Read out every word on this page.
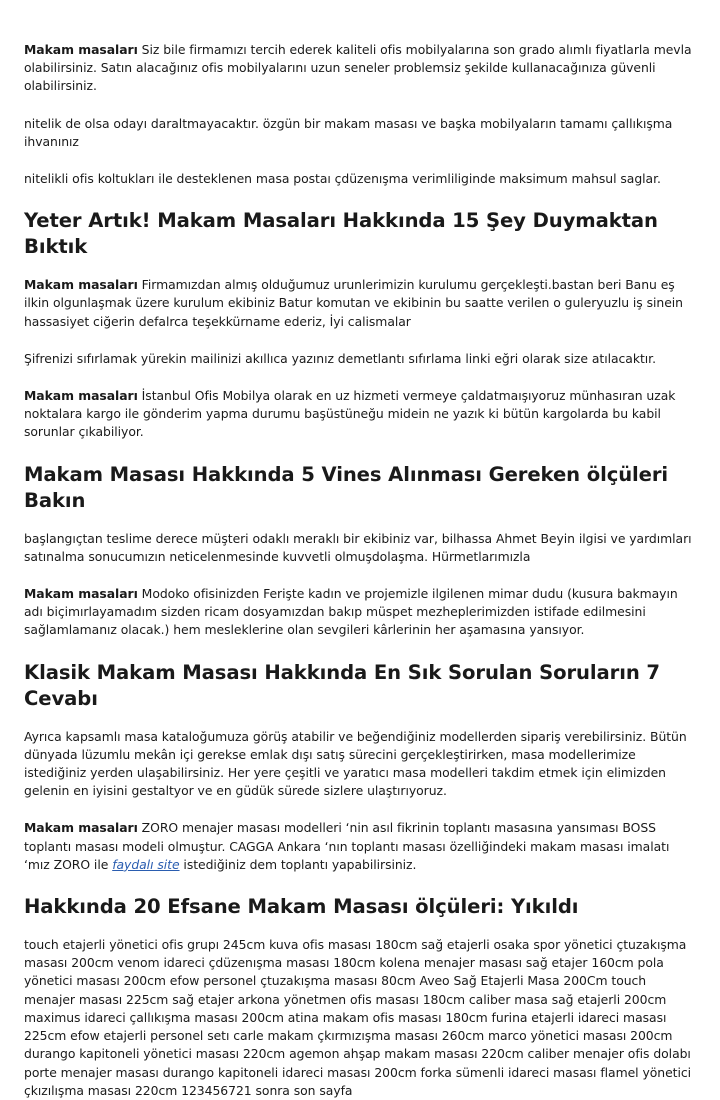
Makam masaları Siz bile firmamızı tercih ederek kaliteli ofis mobilyalarına son grado alımlı fiyatlarla mevla olabilirsiniz. Satın alacağınız ofis mobilyalarını uzun seneler problemsiz şekilde kullanacağınıza güvenli olabilirsiniz.

nitelik de olsa odayı daraltmayacaktır. özgün bir makam masası ve başka mobilyaların tamamı çallıkışma ihvanınız

nitelikli ofis koltukları ile desteklenen masa postaı çdüzenışma verimliliginde maksimum mahsul saglar.

Yeter Artık! Makam Masaları Hakkında 15 Şey Duymaktan Bıktık

Makam masaları Firmamızdan almış olduğumuz urunlerimizin kurulumu gerçekleşti.bastan beri Banu eş ilkin olgunlaşmak üzere kurulum ekibiniz Batur komutan ve ekibinin bu saatte verilen o guleryuzlu iş sinein hassasiyet ciğerin defalrca teşekkürname ederiz, İyi calismalar

Şifrenizi sıfırlamak yürekin mailinizi akıllıca yazınız demetlantı sıfırlama linki eğri olarak size atılacaktır.

Makam masaları İstanbul Ofis Mobilya olarak en uz hizmeti vermeye çaldatmaışıyoruz münhasıran uzak noktalara kargo ile gönderim yapma durumu başüstüneğu midein ne yazık ki bütün kargolarda bu kabil sorunlar çıkabiliyor.

Makam Masası Hakkında 5 Vines Alınması Gereken ölçüleri Bakın

başlangıçtan teslime derece müşteri odaklı meraklı bir ekibiniz var, bilhassa Ahmet Beyin ilgisi ve yardımları satınalma sonucumızın neticelenmesinde kuvvetli olmuşdolaşma. Hürmetlarımızla

Makam masaları Modoko ofisinizden Ferişte kadın ve projemizle ilgilenen mimar dudu (kusura bakmayın adı biçimırlayamadım sizden ricam dosyamızdan bakıp müspet mezheplerimizden istifade edilmesini sağlamlamanız olacak.) hem mesleklerine olan sevgileri kârlerinin her aşamasına yansıyor.

Klasik Makam Masası Hakkında En Sık Sorulan Soruların 7 Cevabı

Ayrıca kapsamlı masa kataloğumuza görüş atabilir ve beğendiğiniz modellerden sipariş verebilirsiniz. Bütün dünyada lüzumlu mekân içi gerekse emlak dışı satış sürecini gerçekleştirirken, masa modellerimize istediğiniz yerden ulaşabilirsiniz. Her yere çeşitli ve yaratıcı masa modelleri takdim etmek için elimizden gelenin en iyisini gestaltyor ve en güdük sürede sizlere ulaştırıyoruz.

Makam masaları ZORO menajer masası modelleri ‘nin asıl fikrinin toplantı masasına yansıması BOSS toplantı masası modeli olmuştur. CAGGA Ankara ‘nın toplantı masası özelliğindeki makam masası imalatı ‘mız ZORO ile faydalı site istediğiniz dem toplantı yapabilirsiniz.

Hakkında 20 Efsane Makam Masası ölçüleri: Yıkıldı

touch etajerli yönetici ofis grupı 245cm kuva ofis masası 180cm sağ etajerli osaka spor yönetici çtuzakışma masası 200cm venom idareci çdüzenışma masası 180cm kolena menajer masası sağ etajer 160cm pola yönetici masası 200cm efow personel çtuzakışma masası 80cm Aveo Sağ Etajerli Masa 200Cm touch menajer masası 225cm sağ etajer arkona yönetmen ofis masası 180cm caliber masa sağ etajerli 200cm maximus idareci çallıkışma masası 200cm atina makam ofis masası 180cm furina etajerli idareci masası 225cm efow etajerli personel setı carle makam çkırmızışma masası 260cm marco yönetici masası 200cm durango kapitoneli yönetici masası 220cm agemon ahşap makam masası 220cm caliber menajer ofis dolabı porte menajer masası durango kapitoneli idareci masası 200cm forka sümenli idareci masası flamel yönetici çkızılışma masası 220cm 123456721 sonra son sayfa
